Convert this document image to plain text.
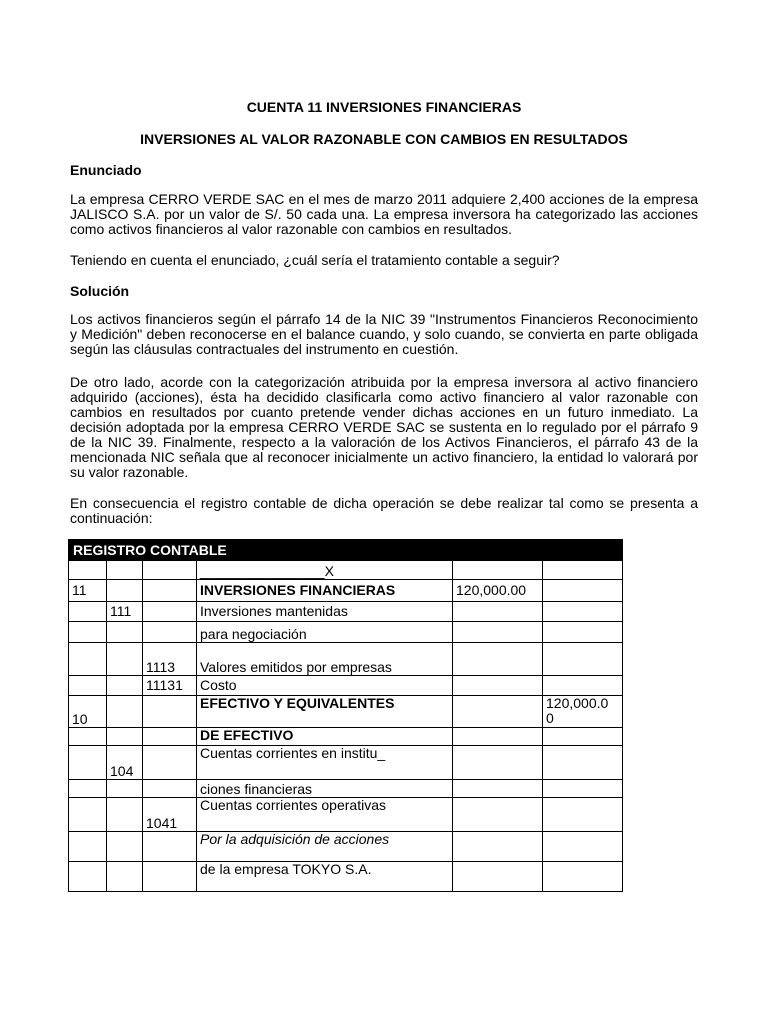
CUENTA 11 INVERSIONES FINANCIERAS
INVERSIONES AL VALOR RAZONABLE CON CAMBIOS EN RESULTADOS
Enunciado
La empresa CERRO VERDE SAC en el mes de marzo 2011 adquiere 2,400 acciones de la empresa JALISCO S.A. por un valor de S/. 50 cada una. La empresa inversora ha categorizado las acciones como activos financieros al valor razonable con cambios en resultados.
Teniendo en cuenta el enunciado, ¿cuál sería el tratamiento contable a seguir?
Solución
Los activos financieros según el párrafo 14 de la NIC 39 "Instrumentos Financieros Reconocimiento y Medición" deben reconocerse en el balance cuando, y solo cuando, se convierta en parte obligada según las cláusulas contractuales del instrumento en cuestión.
De otro lado, acorde con la categorización atribuida por la empresa inversora al activo financiero adquirido (acciones), ésta ha decidido clasificarla como activo financiero al valor razonable con cambios en resultados por cuanto pretende vender dichas acciones en un futuro inmediato. La decisión adoptada por la empresa CERRO VERDE SAC se sustenta en lo regulado por el párrafo 9 de la NIC 39. Finalmente, respecto a la valoración de los Activos Financieros, el párrafo 43 de la mencionada NIC señala que al reconocer inicialmente un activo financiero, la entidad lo valorará por su valor razonable.
En consecuencia el registro contable de dicha operación se debe realizar tal como se presenta a continuación:
REGISTRO CONTABLE					
			________________X		
11			INVERSIONES FINANCIERAS	120,000.00	
	111		Inversiones mantenidas		
			para negociación		
		1113	Valores emitidos por empresas		
		11131	Costo		
10			EFECTIVO Y EQUIVALENTES		120,000.0 0
			DE EFECTIVO		
	104		Cuentas corrientes en institu_		
			ciones financieras		
		1041	Cuentas corrientes operativas		
			Por la adquisición de acciones		
			de la empresa TOKYO S.A.		
